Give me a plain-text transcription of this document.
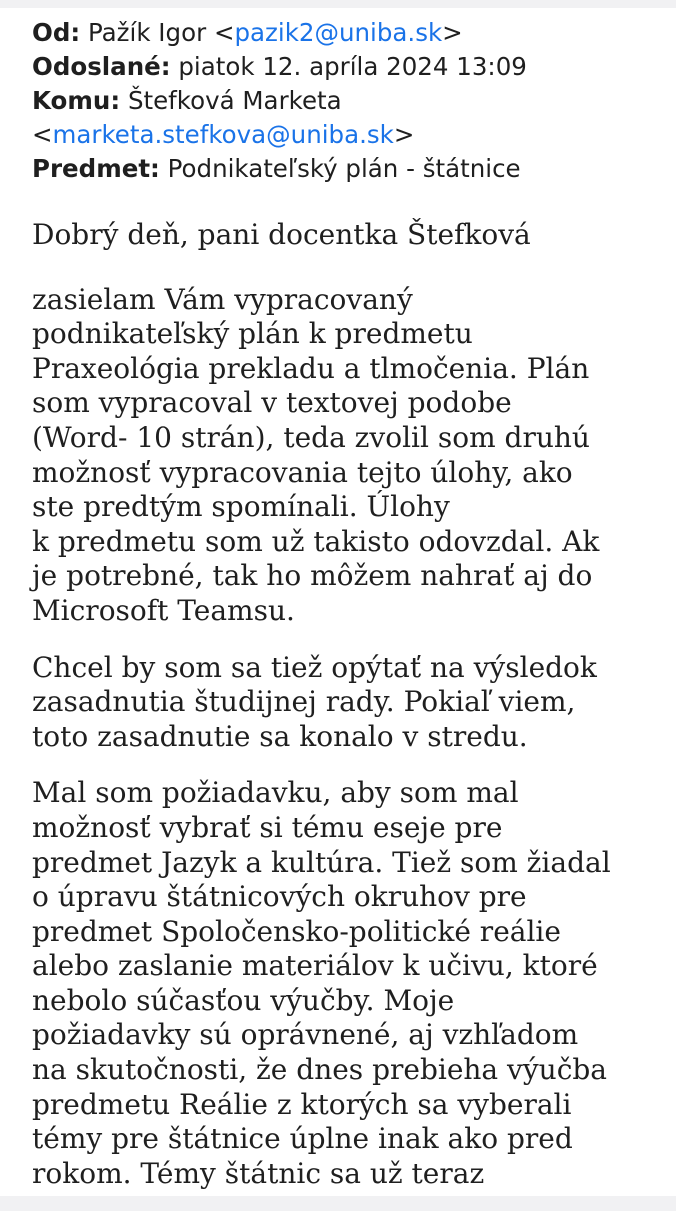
Od: Pažík Igor <pazik2@uniba.sk>
Odoslané: piatok 12. apríla 2024 13:09
Komu: Štefková Marketa
<marketa.stefkova@uniba.sk>
Predmet: Podnikateľský plán - štátnice
Dobrý deň, pani docentka Štefková
zasielam Vám vypracovaný
podnikateľský plán k predmetu
Praxeológia prekladu a tlmočenia. Plán
som vypracoval v textovej podobe
(Word- 10 strán), teda zvolil som druhú
možnosť vypracovania tejto úlohy, ako
ste predtým spomínali. Úlohy
k predmetu som už takisto odovzdal. Ak
je potrebné, tak ho môžem nahrať aj do
Microsoft Teamsu.
Chcel by som sa tiež opýtať na výsledok
zasadnutia študijnej rady. Pokiaľ viem,
toto zasadnutie sa konalo v stredu.
Mal som požiadavku, aby som mal
možnosť vybrať si tému eseje pre
predmet Jazyk a kultúra. Tiež som žiadal
o úpravu štátnicových okruhov pre
predmet Spoločensko-politické reálie
alebo zaslanie materiálov k učivu, ktoré
nebolo súčasťou výučby. Moje
požiadavky sú oprávnené, aj vzhľadom
na skutočnosti, že dnes prebieha výučba
predmetu Reálie z ktorých sa vyberali
témy pre štátnice úplne inak ako pred
rokom. Témy štátnic sa už teraz
